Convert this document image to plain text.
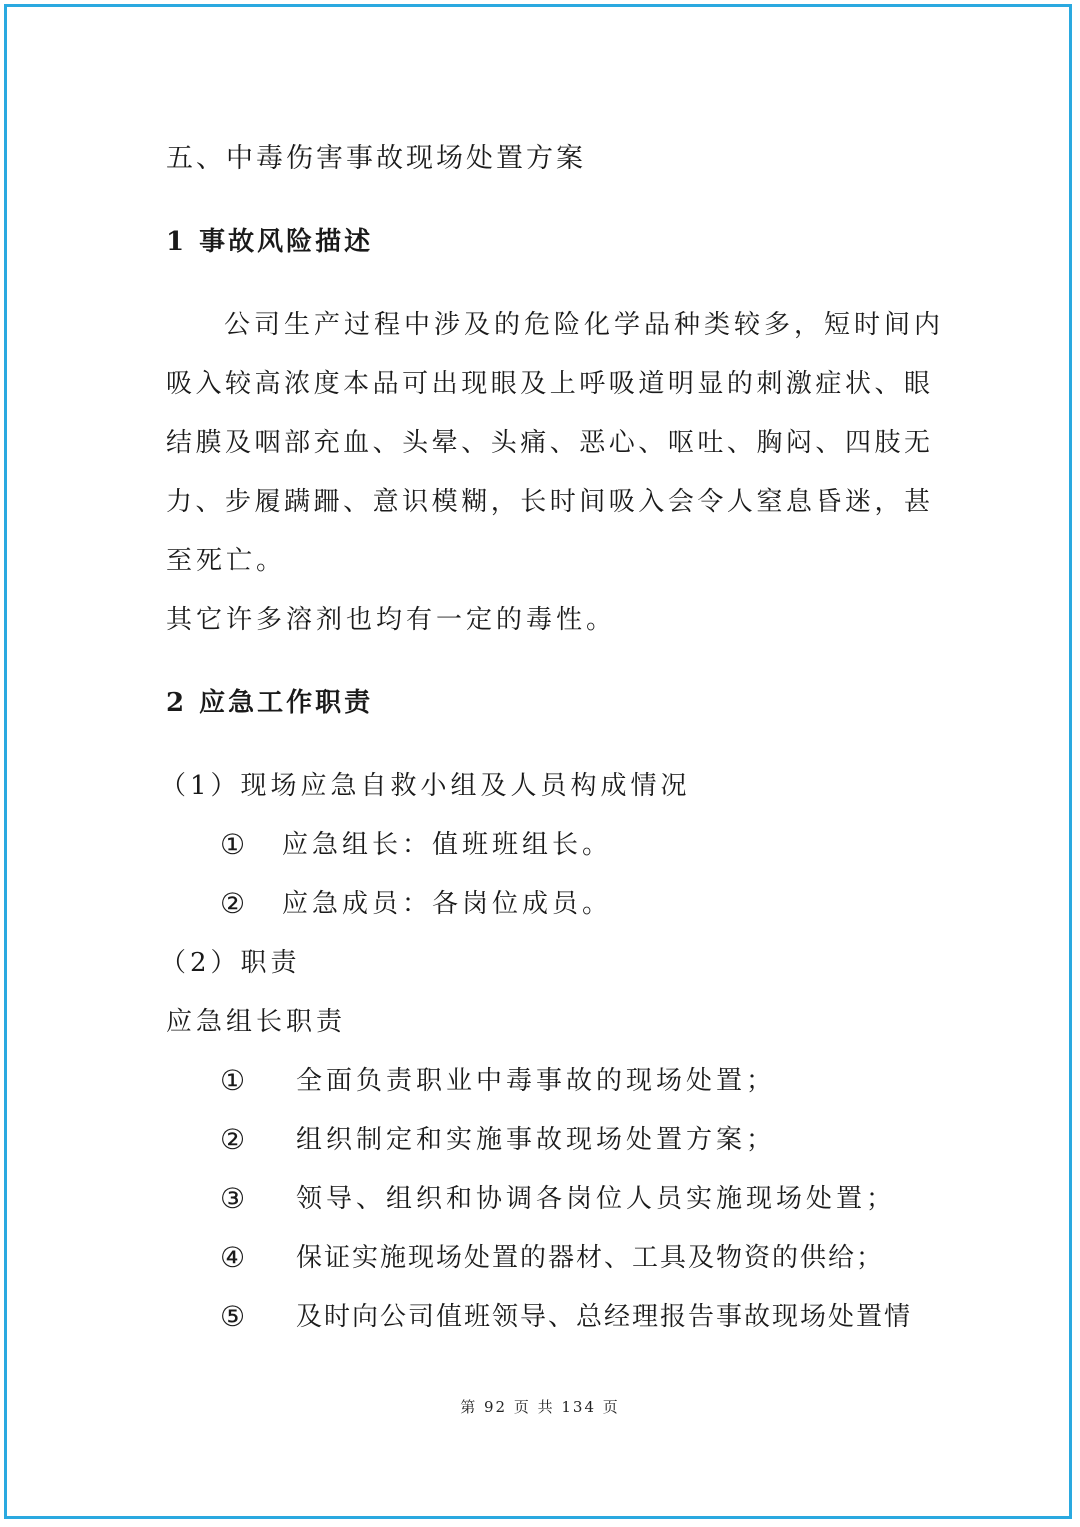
五、中毒伤害事故现场处置方案
1 事故风险描述
公司生产过程中涉及的危险化学品种类较多，短时间内
吸入较高浓度本品可出现眼及上呼吸道明显的刺激症状、眼
结膜及咽部充血、头晕、头痛、恶心、呕吐、胸闷、四肢无
力、步履蹒跚、意识模糊，长时间吸入会令人窒息昏迷，甚
至死亡。
其它许多溶剂也均有一定的毒性。
2 应急工作职责
（1）现场应急自救小组及人员构成情况
① 应急组长：值班班组长。
② 应急成员：各岗位成员。
（2）职责
应急组长职责
① 全面负责职业中毒事故的现场处置；
② 组织制定和实施事故现场处置方案；
③ 领导、组织和协调各岗位人员实施现场处置；
④ 保证实施现场处置的器材、工具及物资的供给；
⑤ 及时向公司值班领导、总经理报告事故现场处置情
第 92 页 共 134 页
